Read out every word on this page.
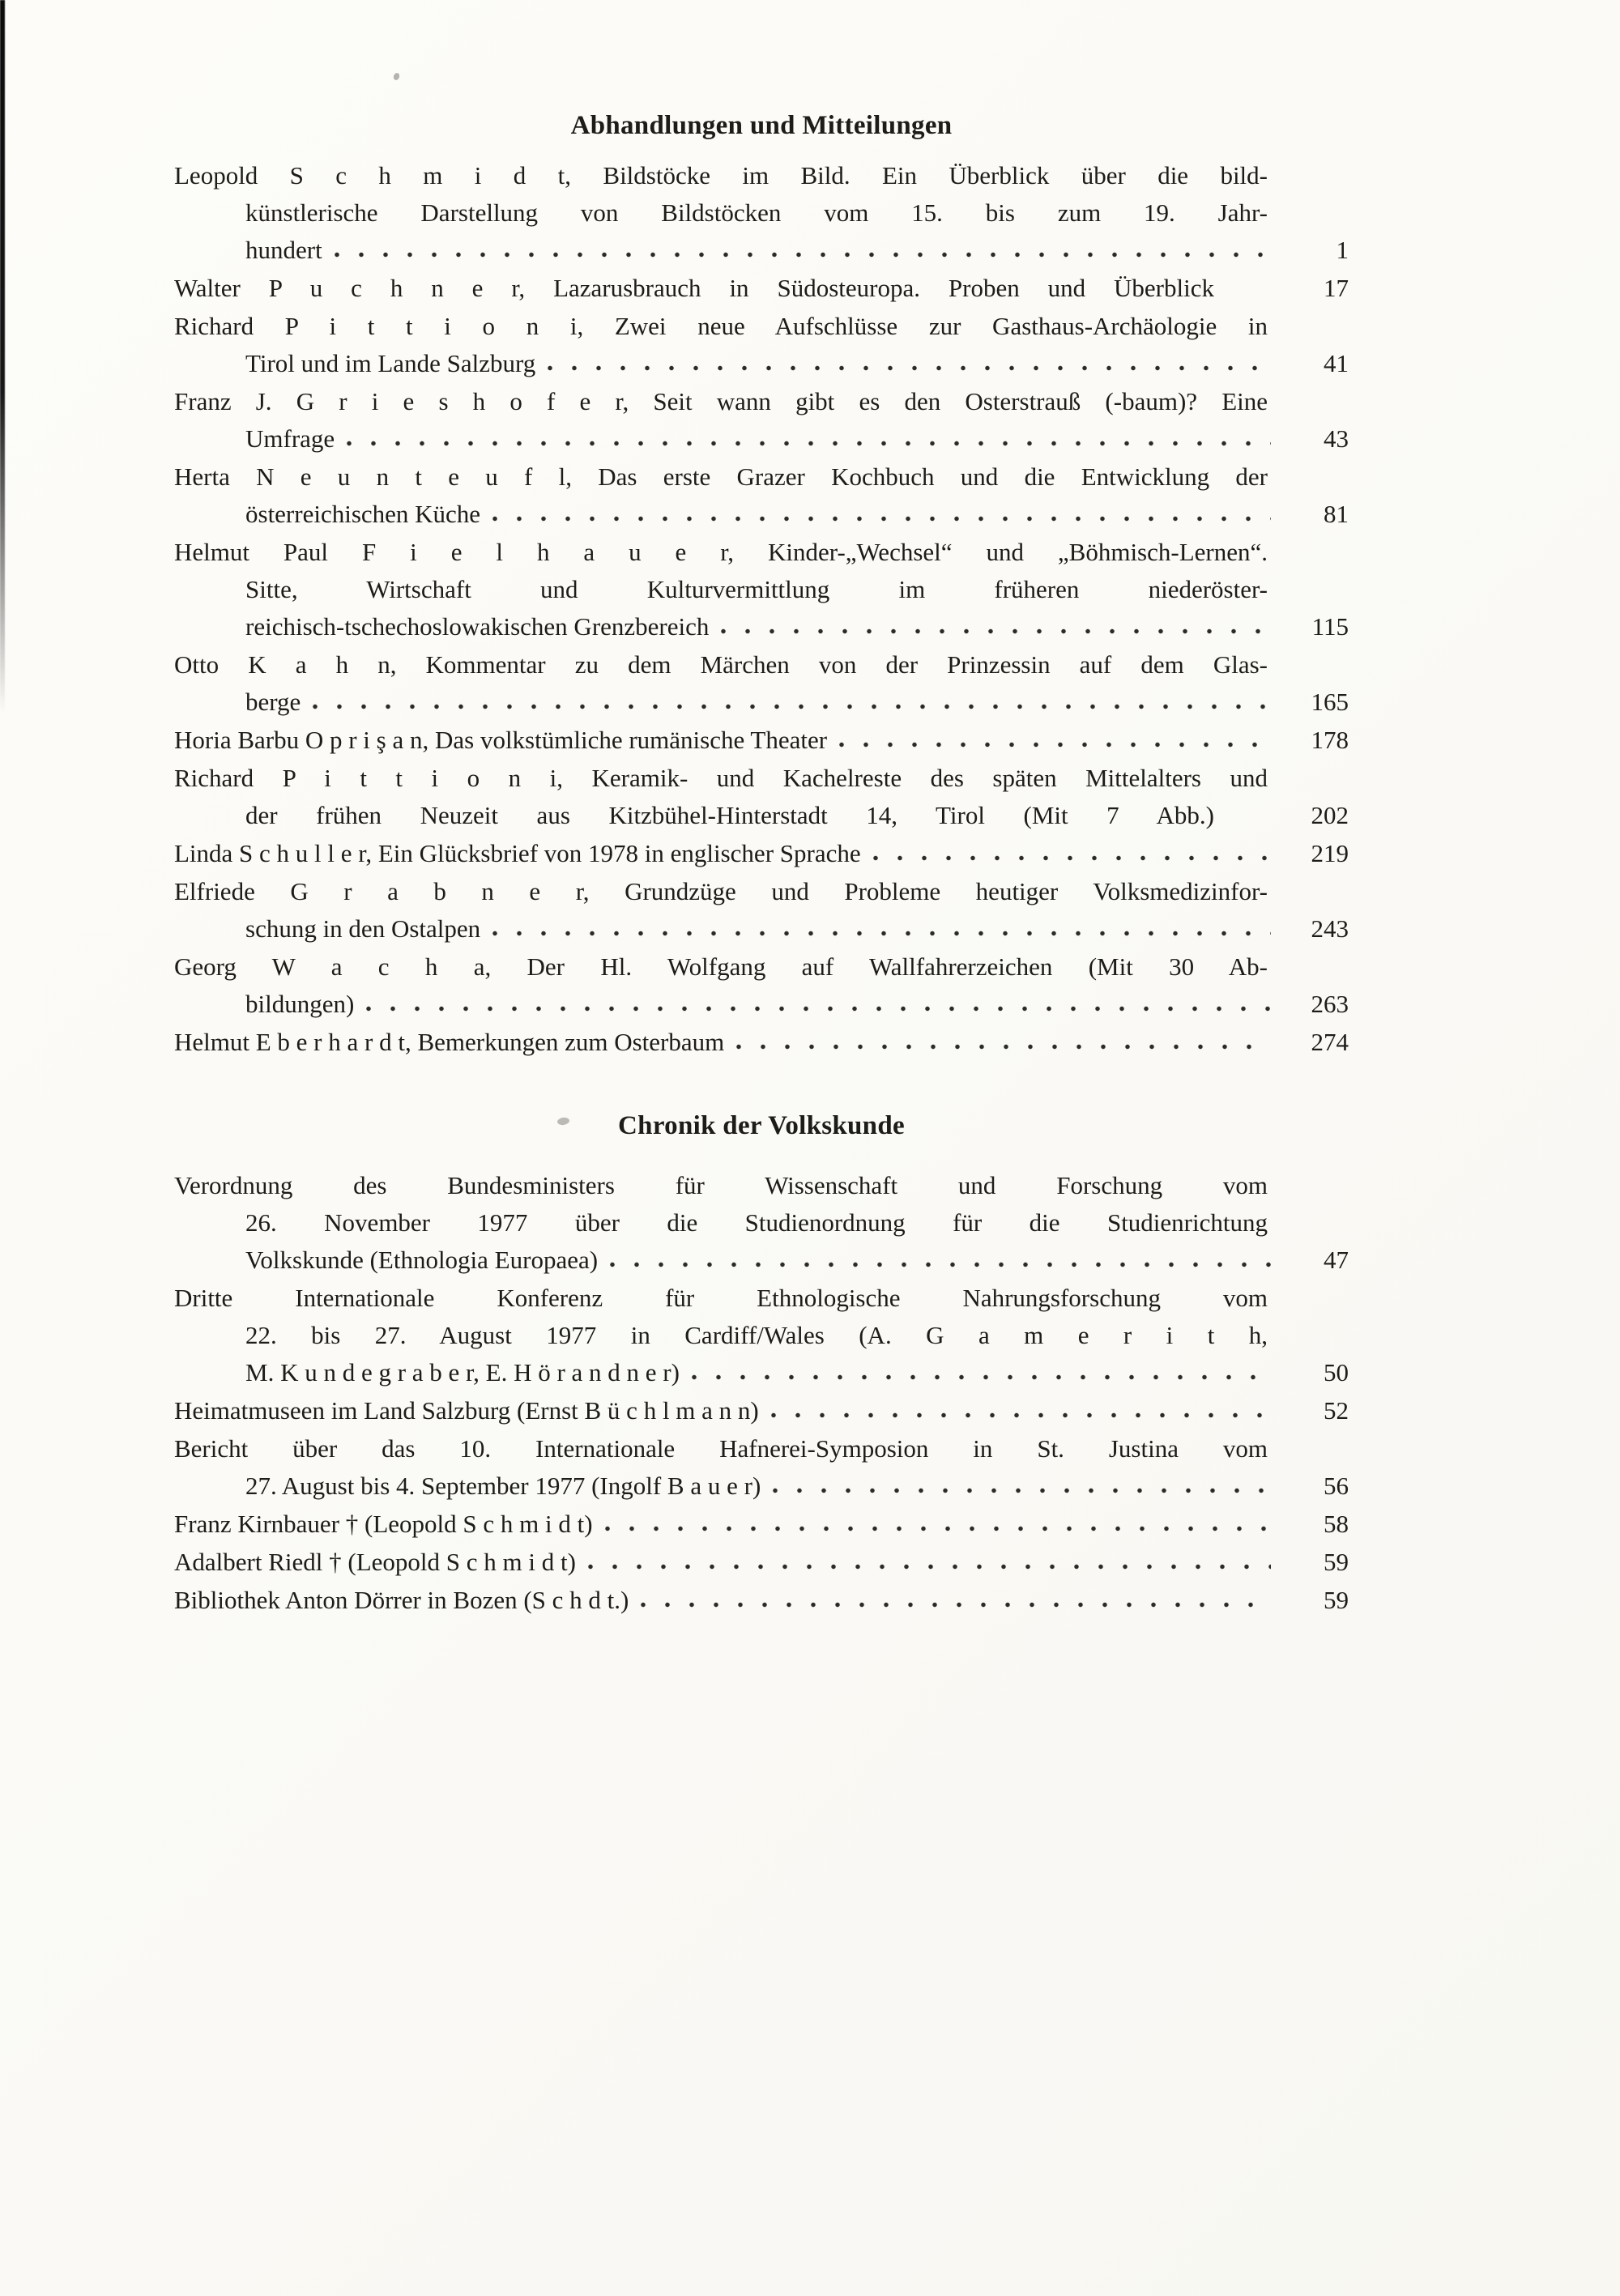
Abhandlungen und Mitteilungen
Leopold S c h m i d t, Bildstöcke im Bild. Ein Überblick über die bild-
künstlerische Darstellung von Bildstöcken vom 15. bis zum 19. Jahr-
hundert	1
Walter P u c h n e r, Lazarusbrauch in Südosteuropa. Proben und Überblick	17
Richard P i t t i o n i, Zwei neue Aufschlüsse zur Gasthaus-Archäologie in
Tirol und im Lande Salzburg	41
Franz J. G r i e s h o f e r, Seit wann gibt es den Osterstrauß (-baum)? Eine
Umfrage	43
Herta N e u n t e u f l, Das erste Grazer Kochbuch und die Entwicklung der
österreichischen Küche	81
Helmut Paul F i e l h a u e r, Kinder-„Wechsel“ und „Böhmisch-Lernen“.
Sitte, Wirtschaft und Kulturvermittlung im früheren niederöster-
reichisch-tschechoslowakischen Grenzbereich	115
Otto K a h n, Kommentar zu dem Märchen von der Prinzessin auf dem Glas-
berge	165
Horia Barbu O p r i ş a n, Das volkstümliche rumänische Theater	178
Richard P i t t i o n i, Keramik- und Kachelreste des späten Mittelalters und
der frühen Neuzeit aus Kitzbühel-Hinterstadt 14, Tirol (Mit 7 Abb.)	202
Linda S c h u l l e r, Ein Glücksbrief von 1978 in englischer Sprache	219
Elfriede G r a b n e r, Grundzüge und Probleme heutiger Volksmedizinfor-
schung in den Ostalpen	243
Georg W a c h a, Der Hl. Wolfgang auf Wallfahrerzeichen (Mit 30 Ab-
bildungen)	263
Helmut E b e r h a r d t, Bemerkungen zum Osterbaum	274
Chronik der Volkskunde
Verordnung des Bundesministers für Wissenschaft und Forschung vom
26. November 1977 über die Studienordnung für die Studienrichtung
Volkskunde (Ethnologia Europaea)	47
Dritte Internationale Konferenz für Ethnologische Nahrungsforschung vom
22. bis 27. August 1977 in Cardiff/Wales (A. G a m e r i t h,
M. K u n d e g r a b e r, E. H ö r a n d n e r)	50
Heimatmuseen im Land Salzburg (Ernst B ü c h l m a n n)	52
Bericht über das 10. Internationale Hafnerei-Symposion in St. Justina vom
27. August bis 4. September 1977 (Ingolf B a u e r)	56
Franz Kirnbauer † (Leopold S c h m i d t)	58
Adalbert Riedl † (Leopold S c h m i d t)	59
Bibliothek Anton Dörrer in Bozen (S c h d t.)	59
